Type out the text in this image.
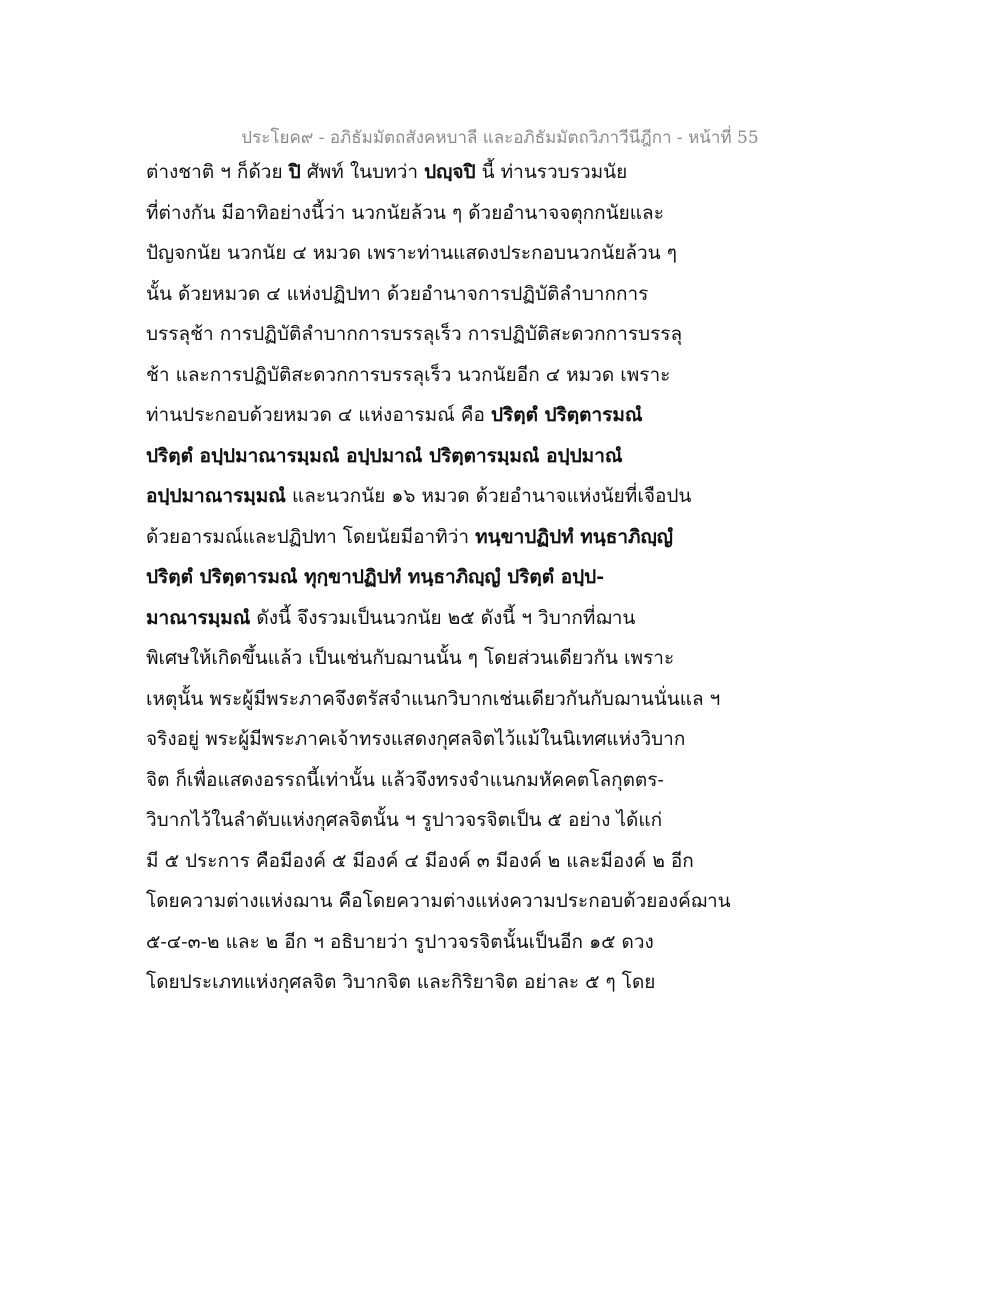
ประโยค๙ - อภิธัมมัตถสังคหบาลี และอภิธัมมัตถวิภาวีนีฎีกา - หน้าที่ 55
ต่างชาติ ฯ ก็ด้วย ปิ ศัพท์ ในบทว่า ปญฺจปิ นี้ ท่านรวบรวมนัย
ที่ต่างกัน มีอาทิอย่างนี้ว่า นวกนัยล้วน ๆ ด้วยอำนาจจตุกกนัยและ
ปัญจกนัย นวกนัย ๔ หมวด เพราะท่านแสดงประกอบนวกนัยล้วน ๆ
นั้น ด้วยหมวด ๔ แห่งปฏิปทา ด้วยอำนาจการปฏิบัติลำบากการ
บรรลุช้า การปฏิบัติลำบากการบรรลุเร็ว การปฏิบัติสะดวกการบรรลุ
ช้า และการปฏิบัติสะดวกการบรรลุเร็ว นวกนัยอีก ๔ หมวด เพราะ
ท่านประกอบด้วยหมวด ๔ แห่งอารมณ์ คือ ปริตฺตํ ปริตฺตารมณํ
ปริตฺตํ อปฺปมาณารมฺมณํ อปฺปมาณํ ปริตฺตารมฺมณํ อปฺปมาณํ
อปฺปมาณารมฺมณํ และนวกนัย ๑๖ หมวด ด้วยอำนาจแห่งนัยที่เจือปน
ด้วยอารมณ์และปฏิปทา โดยนัยมีอาทิว่า ทนฺขาปฏิปทํ ทนฺธาภิญฺญํ
ปริตฺตํ ปริตฺตารมณํ ทุกฺขาปฏิปทํ ทนฺธาภิญฺญํ ปริตฺตํ อปฺป-
มาณารมฺมณํ ดังนี้ จึงรวมเป็นนวกนัย ๒๕ ดังนี้ ฯ วิบากที่ฌาน
พิเศษให้เกิดขึ้นแล้ว เป็นเช่นกับฌานนั้น ๆ โดยส่วนเดียวกัน เพราะ
เหตุนั้น พระผู้มีพระภาคจึงตรัสจำแนกวิบากเช่นเดียวกันกับฌานนั่นแล ฯ
จริงอยู่ พระผู้มีพระภาคเจ้าทรงแสดงกุศลจิตไว้แม้ในนิเทศแห่งวิบาก
จิต ก็เพื่อแสดงอรรถนี้เท่านั้น แล้วจึงทรงจำแนกมหัคคตโลกุตตร-
วิบากไว้ในลำดับแห่งกุศลจิตนั้น ฯ รูปาวจรจิตเป็น ๕ อย่าง ได้แก่
มี ๕ ประการ คือมีองค์ ๕ มีองค์ ๔ มีองค์ ๓ มีองค์ ๒ และมีองค์ ๒ อีก
โดยความต่างแห่งฌาน คือโดยความต่างแห่งความประกอบด้วยองค์ฌาน
๕-๔-๓-๒ และ ๒ อีก ฯ อธิบายว่า รูปาวจรจิตนั้นเป็นอีก ๑๕ ดวง
โดยประเภทแห่งกุศลจิต วิบากจิต และกิริยาจิต อย่าละ ๕ ๆ โดย
